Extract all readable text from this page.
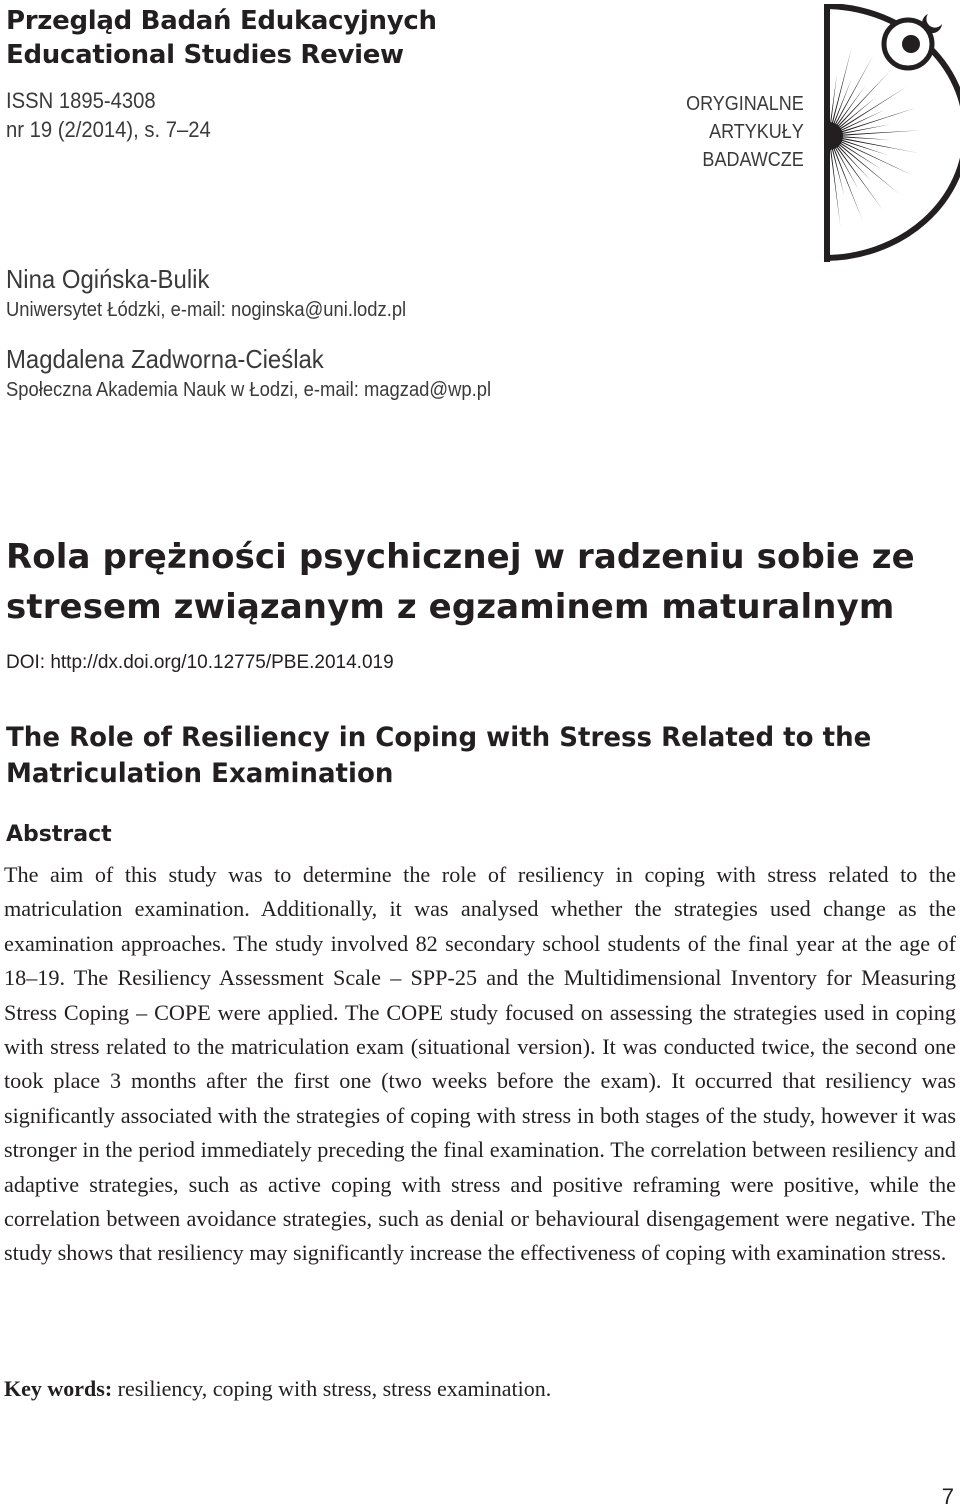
Przegląd Badań Edukacyjnych
Educational Studies Review
ISSN 1895-4308
nr 19 (2/2014), s. 7–24
ORYGINALNE
ARTYKUŁY
BADAWCZE
Nina Ogińska-Bulik
Uniwersytet Łódzki, e-mail: noginska@uni.lodz.pl
Magdalena Zadworna-Cieślak
Społeczna Akademia Nauk w Łodzi, e-mail: magzad@wp.pl
Rola prężności psychicznej w radzeniu sobie ze
stresem związanym z egzaminem maturalnym
DOI: http://dx.doi.org/10.12775/PBE.2014.019
The Role of Resiliency in Coping with Stress Related to the
Matriculation Examination
Abstract

The aim of this study was to determine the role of resiliency in coping with stress related to the matriculation examination. Additionally, it was analysed whether the strategies used change as the examination approaches. The study involved 82 secondary school students of the final year at the age of 18–19. The Resiliency Assessment Scale – SPP-25 and the Multidimensional Inventory for Measuring Stress Coping – COPE were applied. The COPE study focused on assessing the strategies used in coping with stress related to the matriculation exam (situational version). It was conducted twice, the second one took place 3 months after the first one (two weeks before the exam). It occurred that resiliency was significantly associated with the strategies of coping with stress in both stages of the study, however it was stronger in the period immediately preceding the final examination. The correlation between resiliency and adaptive strategies, such as active coping with stress and positive reframing were positive, while the correlation between avoidance strategies, such as denial or behavioural disengagement were negative. The study shows that resiliency may significantly increase the effectiveness of coping with examination stress.

Key words: resiliency, coping with stress, stress examination.
7
